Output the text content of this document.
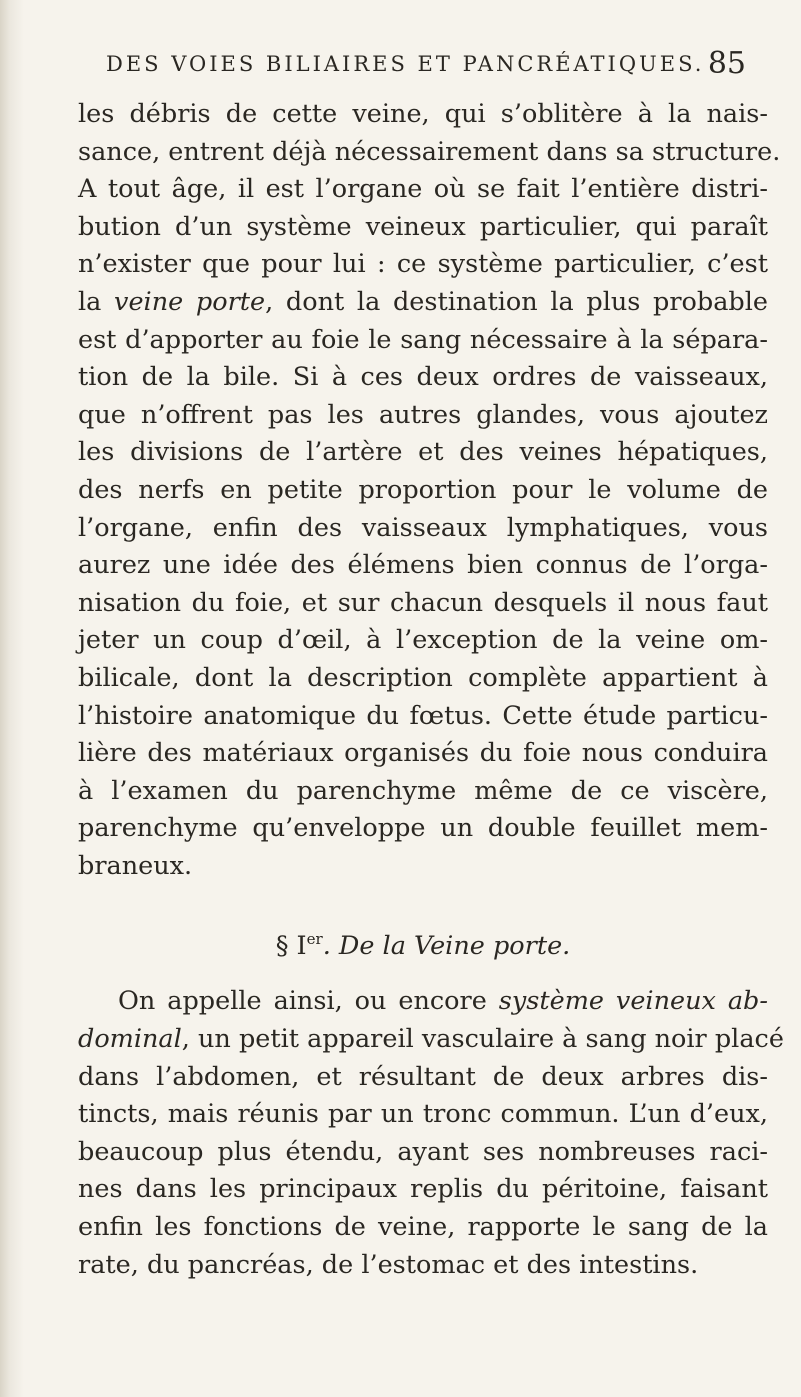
DES VOIES BILIAIRES ET PANCRÉATIQUES. 85
les débris de cette veine, qui s’oblitère à la nais-
sance, entrent déjà nécessairement dans sa structure.
A tout âge, il est l’organe où se fait l’entière distri-
bution d’un système veineux particulier, qui paraît
n’exister que pour lui : ce système particulier, c’est
la veine porte, dont la destination la plus probable
est d’apporter au foie le sang nécessaire à la sépara-
tion de la bile. Si à ces deux ordres de vaisseaux,
que n’offrent pas les autres glandes, vous ajoutez
les divisions de l’artère et des veines hépatiques,
des nerfs en petite proportion pour le volume de
l’organe, enfin des vaisseaux lymphatiques, vous
aurez une idée des élémens bien connus de l’orga-
nisation du foie, et sur chacun desquels il nous faut
jeter un coup d’œil, à l’exception de la veine om-
bilicale, dont la description complète appartient à
l’histoire anatomique du fœtus. Cette étude particu-
lière des matériaux organisés du foie nous conduira
à l’examen du parenchyme même de ce viscère,
parenchyme qu’enveloppe un double feuillet mem-
braneux.
§ Ier. De la Veine porte.
On appelle ainsi, ou encore système veineux ab-
dominal, un petit appareil vasculaire à sang noir placé
dans l’abdomen, et résultant de deux arbres dis-
tincts, mais réunis par un tronc commun. L’un d’eux,
beaucoup plus étendu, ayant ses nombreuses raci-
nes dans les principaux replis du péritoine, faisant
enfin les fonctions de veine, rapporte le sang de la
rate, du pancréas, de l’estomac et des intestins.
